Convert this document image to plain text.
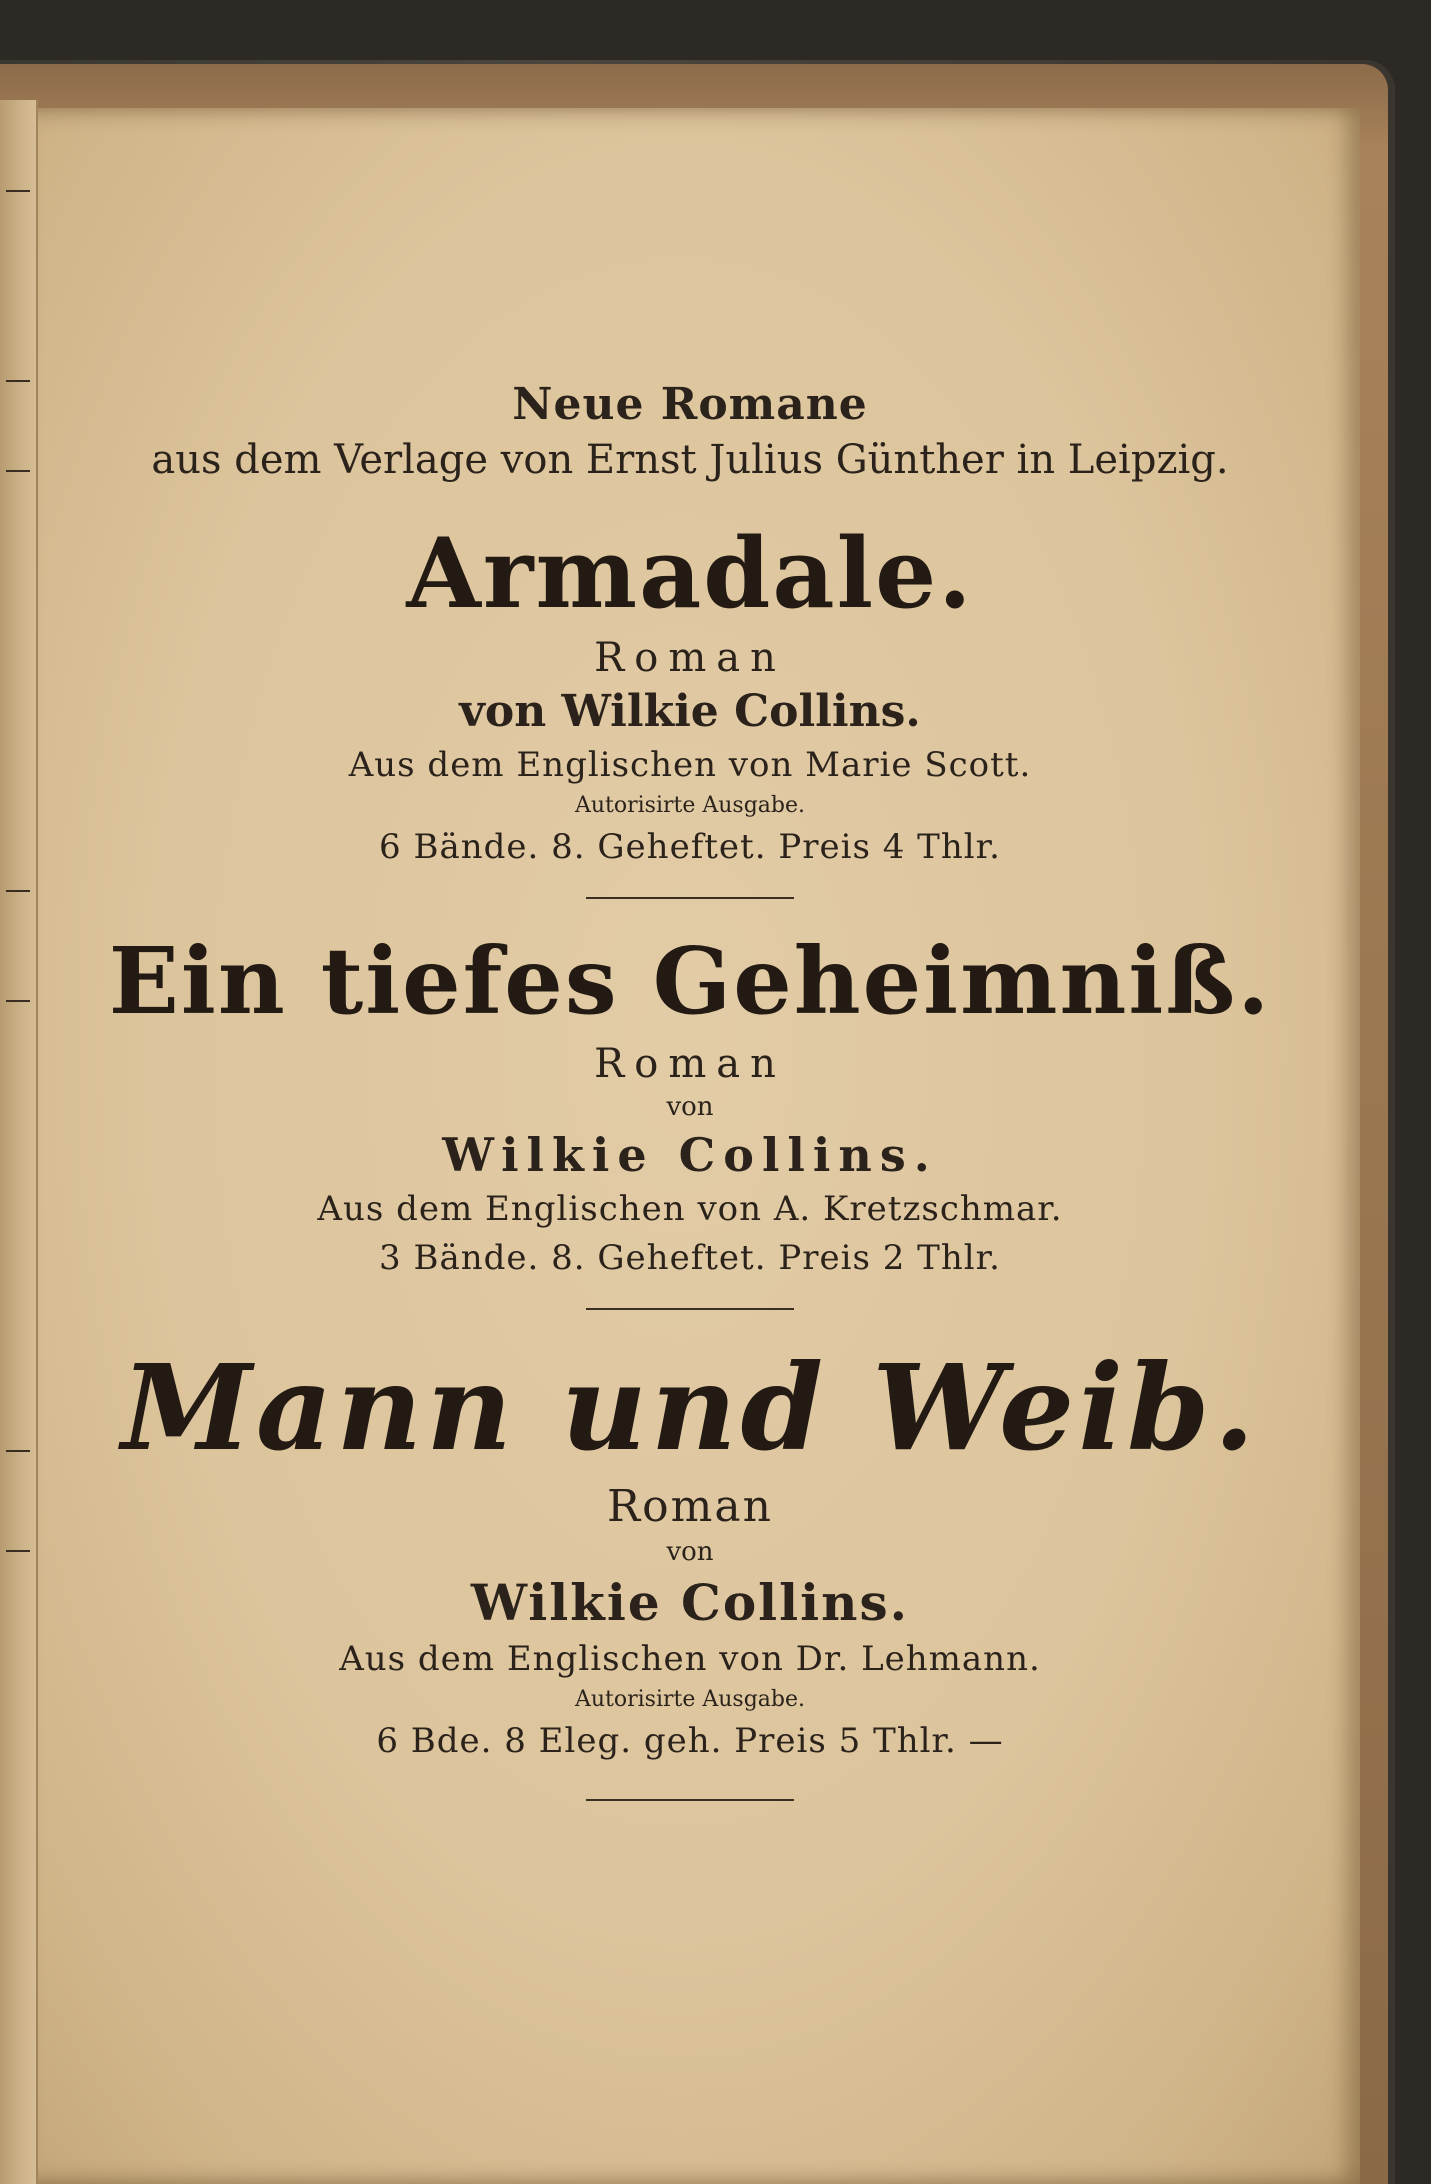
Neue Romane
aus dem Verlage von Ernst Julius Günther in Leipzig.
Armadale.
Roman
von Wilkie Collins.
Aus dem Englischen von Marie Scott.
Autorisirte Ausgabe.
6 Bände. 8. Geheftet. Preis 4 Thlr.
Ein tiefes Geheimniß.
Roman
von
Wilkie Collins.
Aus dem Englischen von A. Kretzschmar.
3 Bände. 8. Geheftet. Preis 2 Thlr.
Mann und Weib.
Roman
von
Wilkie Collins.
Aus dem Englischen von Dr. Lehmann.
Autorisirte Ausgabe.
6 Bde. 8 Eleg. geh. Preis 5 Thlr. —
